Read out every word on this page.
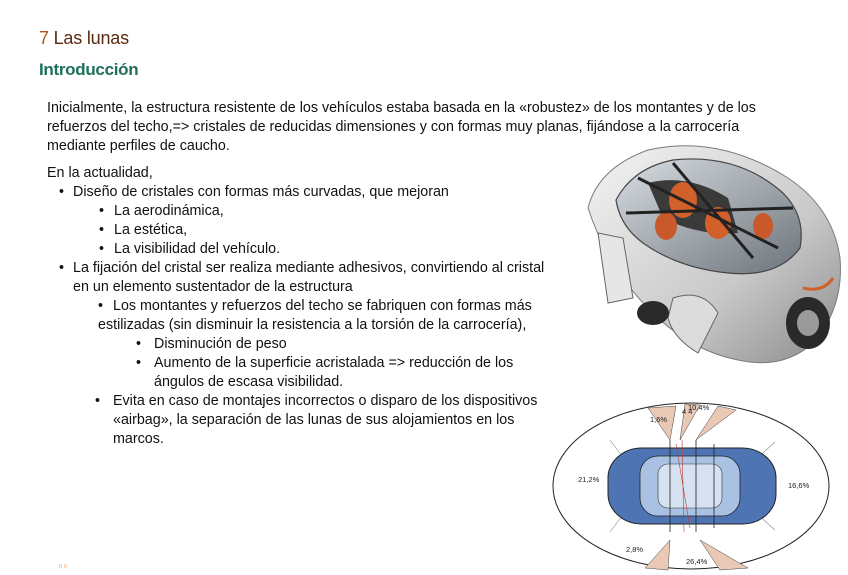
7 Las lunas
Introducción

Inicialmente, la estructura resistente de los vehículos estaba basada en la «robustez» de los montantes y de los refuerzos del techo,=> cristales de reducidas dimensiones y con formas muy planas, fijándose a la carrocería mediante perfiles de caucho.

En la actualidad,

• Diseño de cristales con formas más curvadas, que mejoran
• La aerodinámica,
• La estética,
• La visibilidad del vehículo.
• La fijación del cristal ser realiza mediante adhesivos, convirtiendo al cristal en un elemento sustentador de la estructura
• Los montantes y refuerzos del techo se fabriquen con formas más estilizadas (sin disminuir la resistencia a la torsión de la carrocería),
• Disminución de peso
• Aumento de la superficie acristalada => reducción de los ángulos de escasa visibilidad.
• Evita en caso de montajes incorrectos o disparo de los dispositivos «airbag», la separación de las lunas de sus alojamientos en los marcos.
4 4
1,6%
10,4%
21,2%
16,6%
2,8%
26,4%
ㅁㅁ
